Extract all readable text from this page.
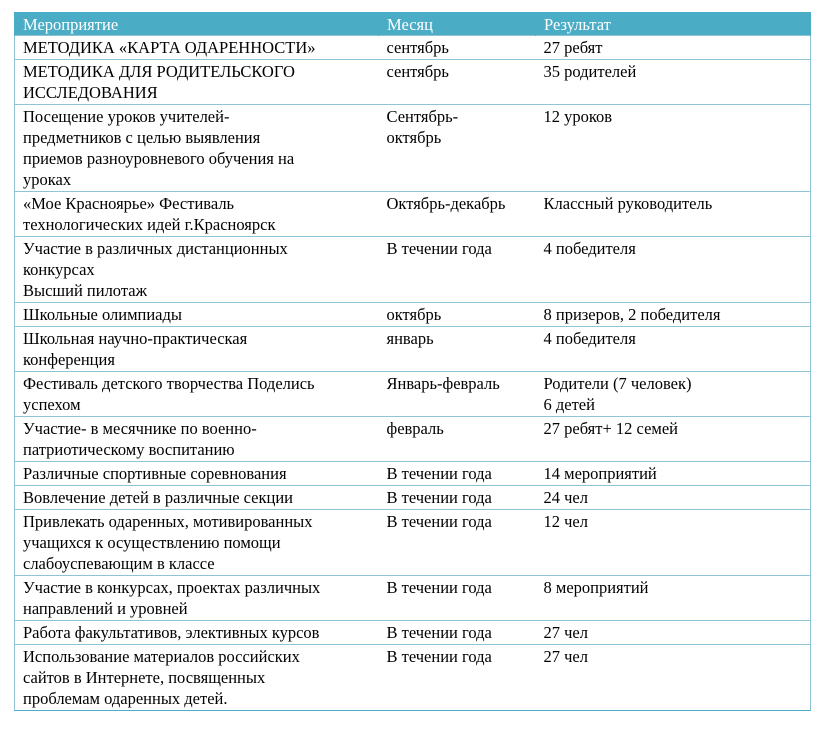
Мероприятие	Месяц	Результат

МЕТОДИКА «КАРТА ОДАРЕННОСТИ»	сентябрь	27 ребят

МЕТОДИКА ДЛЯ РОДИТЕЛЬСКОГО
ИССЛЕДОВАНИЯ	сентябрь	35 родителей

Посещение уроков учителей-
предметников с целью выявления
приемов разноуровневого обучения на
уроках	Сентябрь-
октябрь	12 уроков

«Мое Красноярье» Фестиваль
технологических идей г.Красноярск	Октябрь-декабрь	Классный руководитель

Участие в различных дистанционных
конкурсах
Высший пилотаж	В течении года	4 победителя

Школьные олимпиады	октябрь	8 призеров, 2 победителя

Школьная научно-практическая
конференция	январь	4 победителя

Фестиваль детского творчества Поделись
успехом	Январь-февраль	Родители (7 человек)
6 детей

Участие- в месячнике по военно-
патриотическому воспитанию	февраль	27 ребят+ 12 семей

Различные спортивные соревнования	В течении года	14 мероприятий

Вовлечение детей в различные секции	В течении года	24 чел

Привлекать одаренных, мотивированных
учащихся к осуществлению помощи
слабоуспевающим в классе	В течении года	12 чел

Участие в конкурсах, проектах различных
направлений и уровней	В течении года	8 мероприятий

Работа факультативов, элективных курсов	В течении года	27 чел

Использование материалов российских
сайтов в Интернете, посвященных
проблемам одаренных детей.	В течении года	27 чел
